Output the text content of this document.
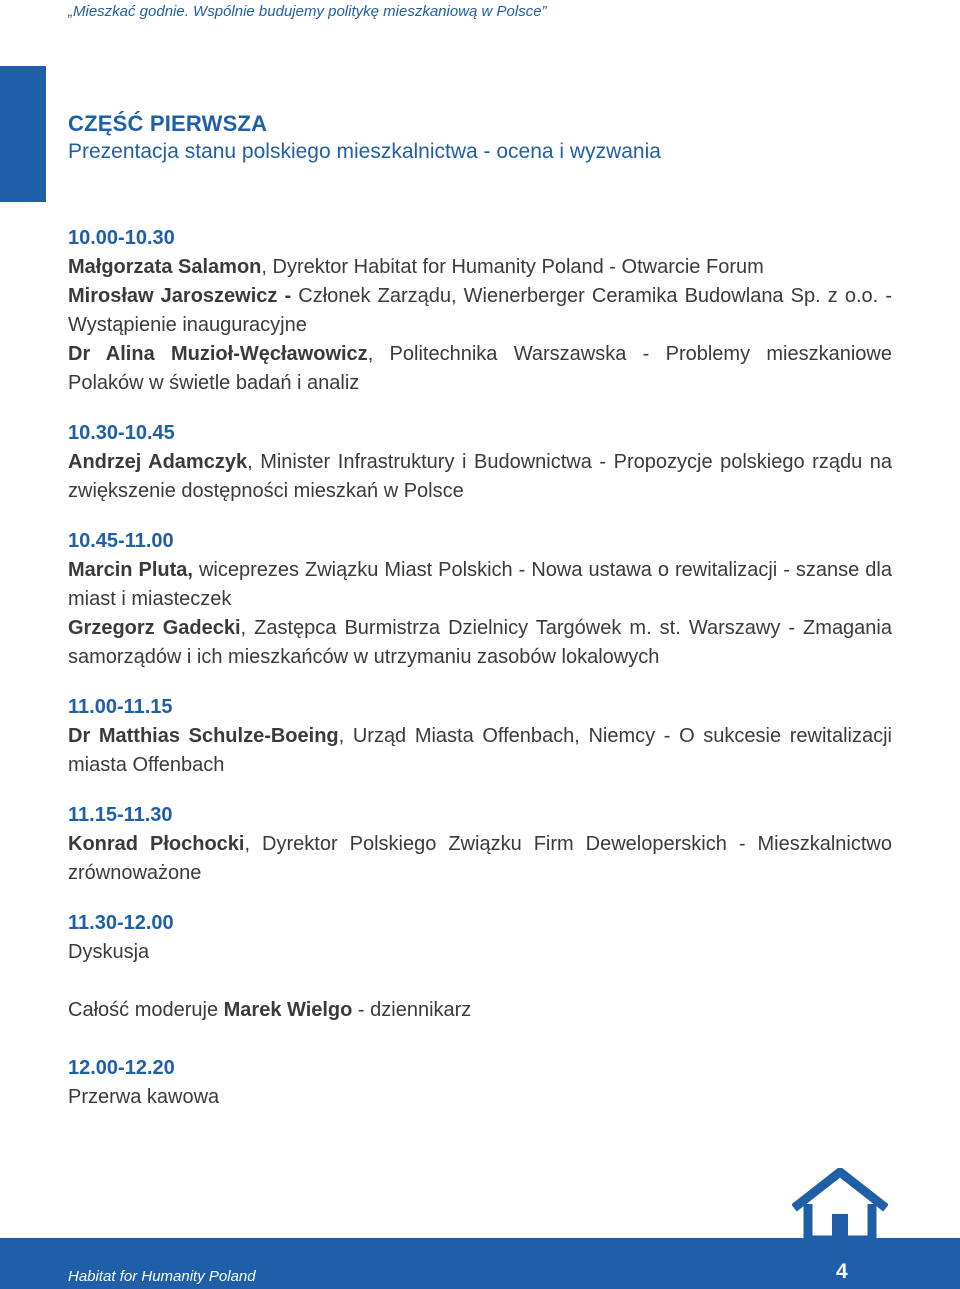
„Mieszkać godnie. Wspólnie budujemy politykę mieszkaniową w Polsce”
CZĘŚĆ PIERWSZA
Prezentacja stanu polskiego mieszkalnictwa - ocena i wyzwania
10.00-10.30
Małgorzata Salamon, Dyrektor Habitat for Humanity Poland - Otwarcie Forum
Mirosław Jaroszewicz - Członek Zarządu, Wienerberger Ceramika Budowlana Sp. z o.o. - Wystąpienie inauguracyjne
Dr Alina Muzioł-Węcławowicz, Politechnika Warszawska - Problemy mieszkaniowe Polaków w świetle badań i analiz
10.30-10.45
Andrzej Adamczyk, Minister Infrastruktury i Budownictwa - Propozycje polskiego rządu na zwiększenie dostępności mieszkań w Polsce
10.45-11.00
Marcin Pluta, wiceprezes Związku Miast Polskich - Nowa ustawa o rewitalizacji - szanse dla miast i miasteczek
Grzegorz Gadecki, Zastępca Burmistrza Dzielnicy Targówek m. st. Warszawy - Zmagania samorządów i ich mieszkańców w utrzymaniu zasobów lokalowych
11.00-11.15
Dr Matthias Schulze-Boeing, Urząd Miasta Offenbach, Niemcy - O sukcesie rewitalizacji miasta Offenbach
11.15-11.30
Konrad Płochocki, Dyrektor Polskiego Związku Firm Deweloperskich - Mieszkalnictwo zrównoważone
11.30-12.00
Dyskusja
Całość moderuje Marek Wielgo - dziennikarz
12.00-12.20
Przerwa kawowa
Habitat for Humanity Poland	4
